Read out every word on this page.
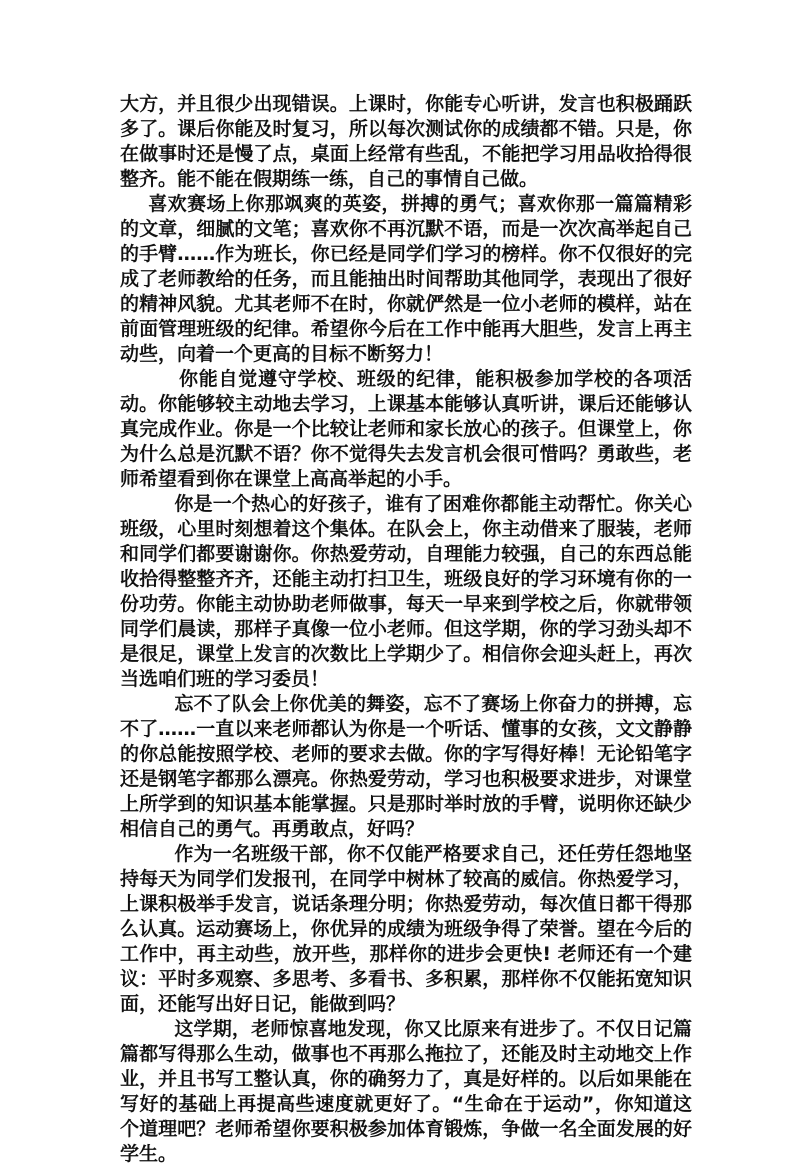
大方，并且很少出现错误。上课时，你能专心听讲，发言也积极踊跃多了。课后你能及时复习，所以每次测试你的成绩都不错。只是，你在做事时还是慢了点，桌面上经常有些乱，不能把学习用品收拾得很整齐。能不能在假期练一练，自己的事情自己做。

喜欢赛场上你那飒爽的英姿，拼搏的勇气；喜欢你那一篇篇精彩的文章，细腻的文笔；喜欢你不再沉默不语，而是一次次高举起自己的手臂……作为班长，你已经是同学们学习的榜样。你不仅很好的完成了老师教给的任务，而且能抽出时间帮助其他同学，表现出了很好的精神风貌。尤其老师不在时，你就俨然是一位小老师的模样，站在前面管理班级的纪律。希望你今后在工作中能再大胆些，发言上再主动些，向着一个更高的目标不断努力！

你能自觉遵守学校、班级的纪律，能积极参加学校的各项活动。你能够较主动地去学习，上课基本能够认真听讲，课后还能够认真完成作业。你是一个比较让老师和家长放心的孩子。但课堂上，你为什么总是沉默不语？你不觉得失去发言机会很可惜吗？勇敢些，老师希望看到你在课堂上高高举起的小手。

你是一个热心的好孩子，谁有了困难你都能主动帮忙。你关心班级，心里时刻想着这个集体。在队会上，你主动借来了服装，老师和同学们都要谢谢你。你热爱劳动，自理能力较强，自己的东西总能收拾得整整齐齐，还能主动打扫卫生，班级良好的学习环境有你的一份功劳。你能主动协助老师做事，每天一早来到学校之后，你就带领同学们晨读，那样子真像一位小老师。但这学期，你的学习劲头却不是很足，课堂上发言的次数比上学期少了。相信你会迎头赶上，再次当选咱们班的学习委员！

忘不了队会上你优美的舞姿，忘不了赛场上你奋力的拼搏，忘不了……一直以来老师都认为你是一个听话、懂事的女孩，文文静静的你总能按照学校、老师的要求去做。你的字写得好棒！无论铅笔字还是钢笔字都那么漂亮。你热爱劳动，学习也积极要求进步，对课堂上所学到的知识基本能掌握。只是那时举时放的手臂，说明你还缺少相信自己的勇气。再勇敢点，好吗？

作为一名班级干部，你不仅能严格要求自己，还任劳任怨地坚持每天为同学们发报刊，在同学中树林了较高的威信。你热爱学习，上课积极举手发言，说话条理分明；你热爱劳动，每次值日都干得那么认真。运动赛场上，你优异的成绩为班级争得了荣誉。望在今后的工作中，再主动些，放开些，那样你的进步会更快! 老师还有一个建议：平时多观察、多思考、多看书、多积累，那样你不仅能拓宽知识面，还能写出好日记，能做到吗？

这学期，老师惊喜地发现，你又比原来有进步了。不仅日记篇篇都写得那么生动，做事也不再那么拖拉了，还能及时主动地交上作业，并且书写工整认真，你的确努力了，真是好样的。以后如果能在写好的基础上再提高些速度就更好了。“生命在于运动”，你知道这个道理吧？老师希望你要积极参加体育锻炼，争做一名全面发展的好学生。
